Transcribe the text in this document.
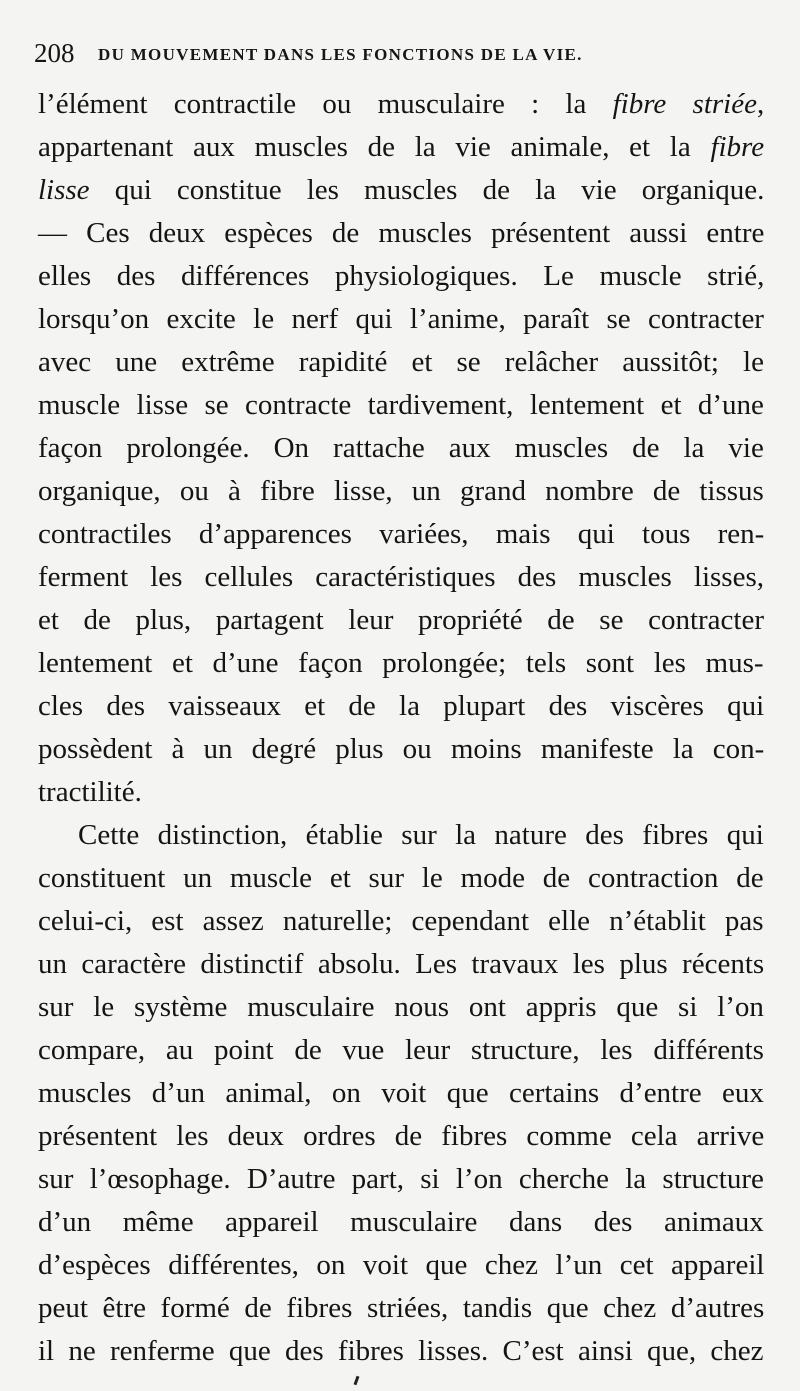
208 DU MOUVEMENT DANS LES FONCTIONS DE LA VIE.
l’élément contractile ou musculaire : la fibre striée,
appartenant aux muscles de la vie animale, et la fibre
lisse qui constitue les muscles de la vie organique.
— Ces deux espèces de muscles présentent aussi entre
elles des différences physiologiques. Le muscle strié,
lorsqu’on excite le nerf qui l’anime, paraît se contracter
avec une extrême rapidité et se relâcher aussitôt; le
muscle lisse se contracte tardivement, lentement et d’une
façon prolongée. On rattache aux muscles de la vie
organique, ou à fibre lisse, un grand nombre de tissus
contractiles d’apparences variées, mais qui tous ren-
ferment les cellules caractéristiques des muscles lisses,
et de plus, partagent leur propriété de se contracter
lentement et d’une façon prolongée; tels sont les mus-
cles des vaisseaux et de la plupart des viscères qui
possèdent à un degré plus ou moins manifeste la con-
tractilité.
Cette distinction, établie sur la nature des fibres qui
constituent un muscle et sur le mode de contraction de
celui-ci, est assez naturelle; cependant elle n’établit pas
un caractère distinctif absolu. Les travaux les plus récents
sur le système musculaire nous ont appris que si l’on
compare, au point de vue leur structure, les différents
muscles d’un animal, on voit que certains d’entre eux
présentent les deux ordres de fibres comme cela arrive
sur l’œsophage. D’autre part, si l’on cherche la structure
d’un même appareil musculaire dans des animaux
d’espèces différentes, on voit que chez l’un cet appareil
peut être formé de fibres striées, tandis que chez d’autres
il ne renferme que des fibres lisses. C’est ainsi que, chez
